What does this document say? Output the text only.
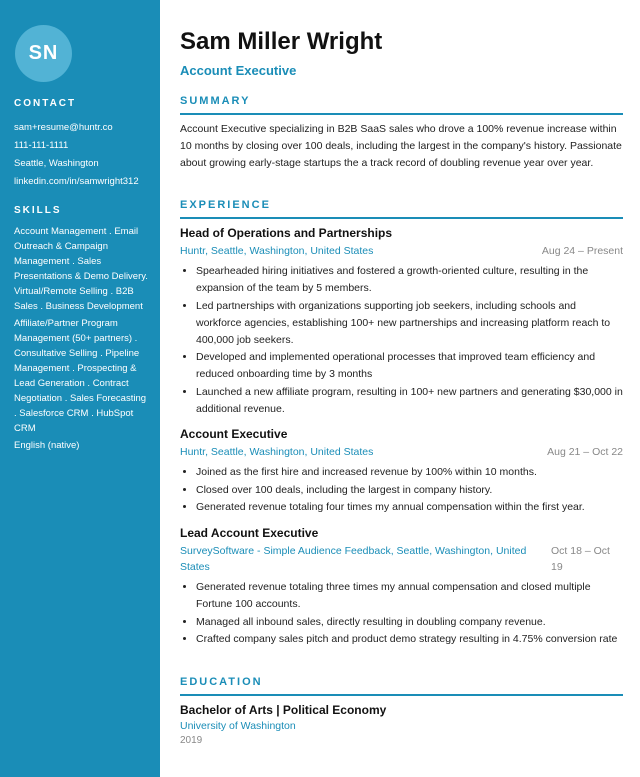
SN
CONTACT
sam+resume@huntr.co
111-111-1111
Seattle, Washington
linkedin.com/in/samwright312
SKILLS

Account Management . Email Outreach & Campaign Management . Sales Presentations & Demo Delivery. Virtual/Remote Selling . B2B Sales . Business Development

Affiliate/Partner Program Management (50+ partners) . Consultative Selling . Pipeline Management . Prospecting & Lead Generation . Contract Negotiation . Sales Forecasting . Salesforce CRM . HubSpot CRM

English (native)

Sam Miller Wright
Account Executive
SUMMARY

Account Executive specializing in B2B SaaS sales who drove a 100% revenue increase within 10 months by closing over 100 deals, including the largest in the company's history. Passionate about growing early-stage startups the a track record of doubling revenue year over year.

EXPERIENCE
Head of Operations and Partnerships
Huntr, Seattle, Washington, United States	Aug 24 – Present
• Spearheaded hiring initiatives and fostered a growth-oriented culture, resulting in the expansion of the team by 5 members.
• Led partnerships with organizations supporting job seekers, including schools and workforce agencies, establishing 100+ new partnerships and increasing platform reach to 400,000 job seekers.
• Developed and implemented operational processes that improved team efficiency and reduced onboarding time by 3 months
• Launched a new affiliate program, resulting in 100+ new partners and generating $30,000 in additional revenue.
Account Executive
Huntr, Seattle, Washington, United States	Aug 21 – Oct 22
• Joined as the first hire and increased revenue by 100% within 10 months.
• Closed over 100 deals, including the largest in company history.
• Generated revenue totaling four times my annual compensation within the first year.
Lead Account Executive
SurveySoftware - Simple Audience Feedback, Seattle, Washington, United States
Oct 18 – Oct 19
• Generated revenue totaling three times my annual compensation and closed multiple Fortune 100 accounts.
• Managed all inbound sales, directly resulting in doubling company revenue.
• Crafted company sales pitch and product demo strategy resulting in 4.75% conversion rate
EDUCATION
Bachelor of Arts | Political Economy
University of Washington
2019
